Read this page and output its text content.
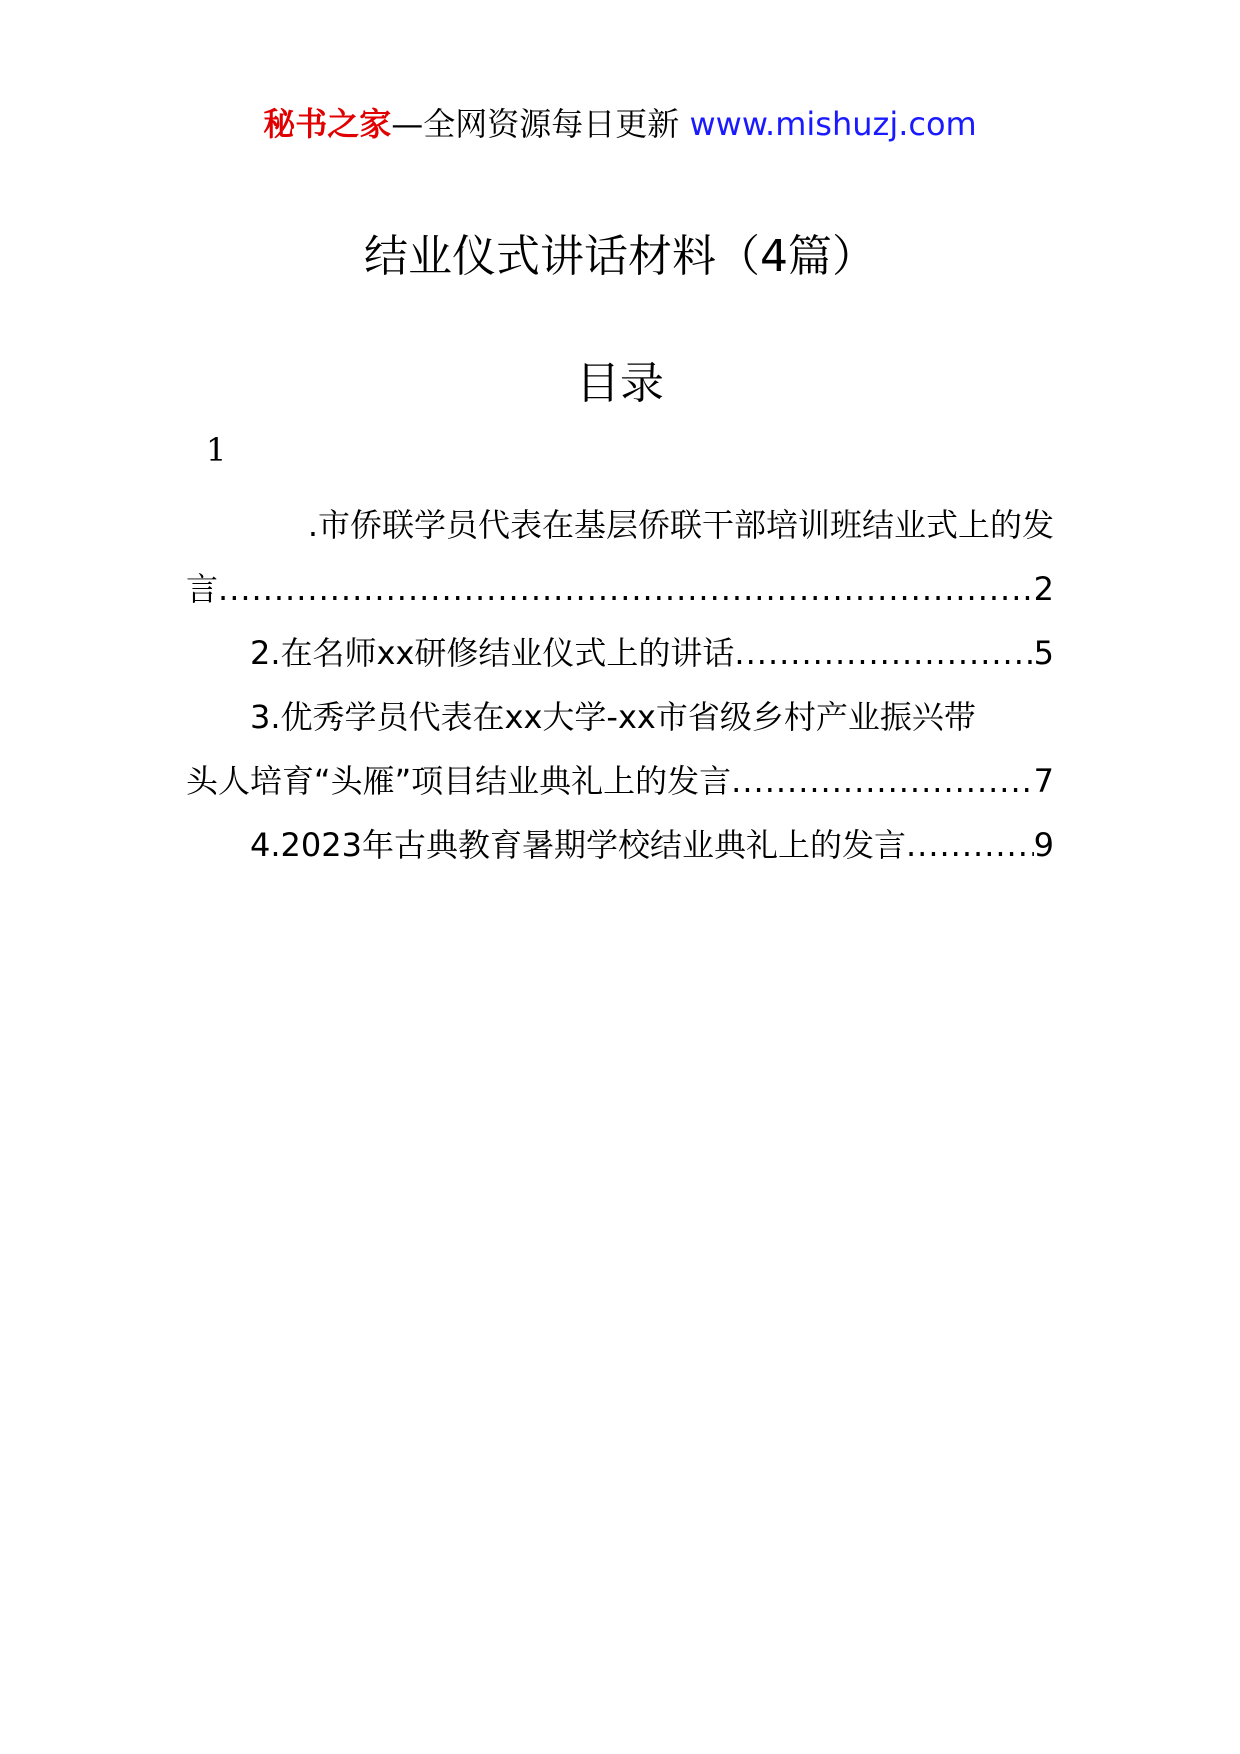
秘书之家—全网资源每日更新 www.mishuzj.com
结业仪式讲话材料（4篇）
目录
1
.市侨联学员代表在基层侨联干部培训班结业式上的发
言 .....	2
2.在名师xx研修结业仪式上的讲话 .....	5
3.优秀学员代表在xx大学-xx市省级乡村产业振兴带
头人培育“头雁”项目结业典礼上的发言 .....	7
4.2023年古典教育暑期学校结业典礼上的发言 .....	9
